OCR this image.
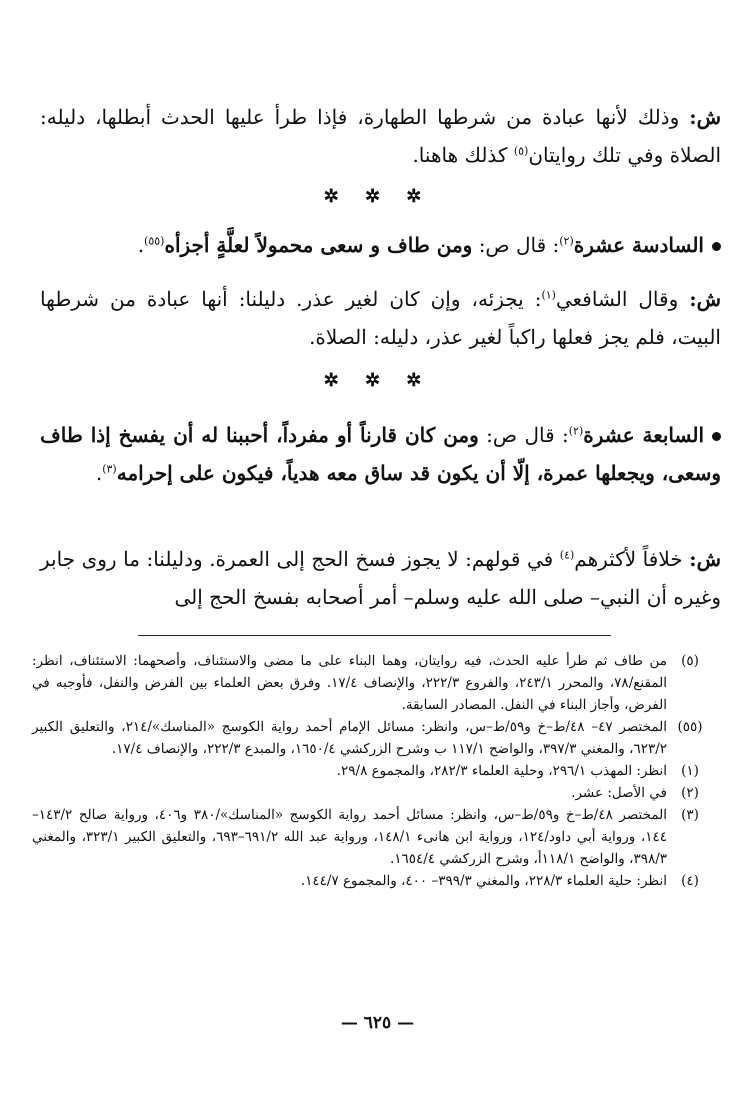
ش: وذلك لأنها عبادة من شرطها الطهارة، فإذا طرأ عليها الحدث أبطلها، دليله: الصلاة وفي تلك روايتان$^{(٥)}$ كذلك هاهنا.

✲ ✲ ✲

السادسة عشرة$^{(٢)}$: قال ص: ومن طاف و سعى محمولاً لعلَّةٍ أجزأه$^{(٥٥)}$.

ش: وقال الشافعي$^{(١)}$: يجزئه، وإن كان لغير عذر. دليلنا: أنها عبادة من شرطها البيت، فلم يجز فعلها راكباً لغير عذر، دليله: الصلاة.

✲ ✲ ✲

السابعة عشرة$^{(٢)}$: قال ص: ومن كان قارناً أو مفرداً، أحببنا له أن يفسخ إذا طاف وسعى، ويجعلها عمرة، إلّا أن يكون قد ساق معه هدياً، فيكون على إحرامه$^{(٣)}$.

ش: خلافاً لأكثرهم$^{(٤)}$ في قولهم: لا يجوز فسخ الحج إلى العمرة. ودليلنا: ما روى جابر وغيره أن النبي– صلى الله عليه وسلم– أمر أصحابه بفسخ الحج إلى

(٥)
من طاف ثم طرأ عليه الحدث، فيه روايتان، وهما البناء على ما مضى والاستئناف، وأصحهما: الاستئناف، انظر: المقنع/٧٨، والمحرر ٢٤٣/١، والفروع ٢٢٢/٣، والإنصاف ١٧/٤. وفرق بعض العلماء بين الفرض والنفل، فأوجبه في الفرض، وأجاز البناء في النفل. المصادر السابقة.
(٥٥)
المختصر ٤٧– ٤٨/ط–خ و٥٩/ط–س، وانظر: مسائل الإمام أحمد رواية الكوسج «المناسك»/٢١٤، والتعليق الكبير ٦٢٣/٢، والمغني ٣٩٧/٣، والواضح ١١٧/١ ب وشرح الزركشي ١٦٥٠/٤، والمبدع ٢٢٢/٣، والإنصاف ١٧/٤.
(١)
انظر: المهذب ٢٩٦/١، وحلية العلماء ٢٨٢/٣، والمجموع ٢٩/٨.
(٢)
في الأصل: عشر.
(٣)
المختصر ٤٨/ط–خ و٥٩/ط–س، وانظر: مسائل أحمد رواية الكوسج «المناسك»/٣٨٠ و٤٠٦، ورواية صالح ١٤٣/٢– ١٤٤، ورواية أبي داود/١٢٤، ورواية ابن هانىء ١٤٨/١، ورواية عبد الله ٦٩١/٢–٦٩٣، والتعليق الكبير ٣٢٣/١، والمغني ٣٩٨/٣، والواضح ١١٨/١أ، وشرح الزركشي ١٦٥٤/٤.
(٤)
انظر: حلية العلماء ٢٢٨/٣، والمغني ٣٩٩/٣– ٤٠٠، والمجموع ١٤٤/٧.
— ٦٢٥ —
